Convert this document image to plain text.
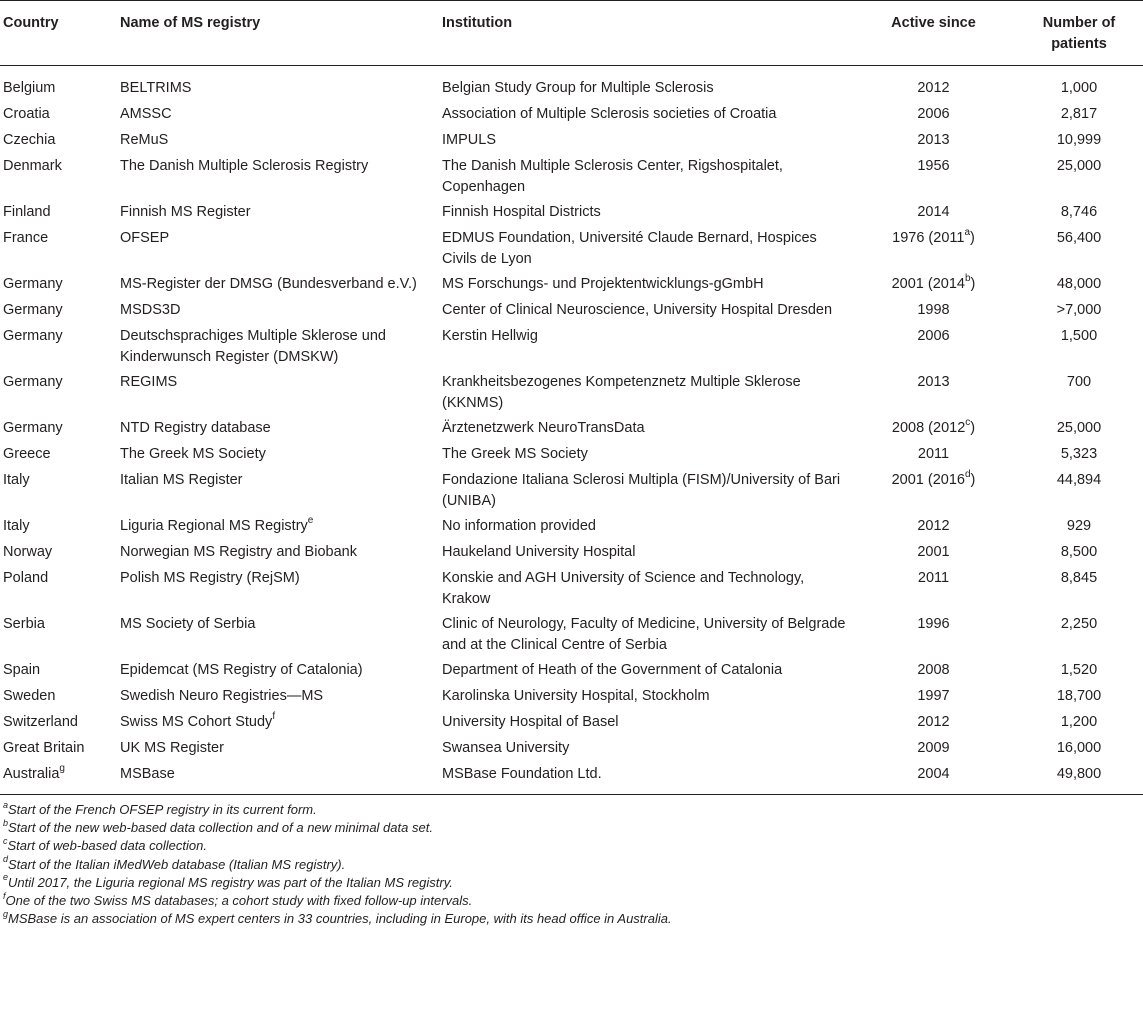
Country	Name of MS registry	Institution	Active since	Number of
patients
Belgium	BELTRIMS	Belgian Study Group for Multiple Sclerosis	2012	1,000
Croatia	AMSSC	Association of Multiple Sclerosis societies of Croatia	2006	2,817
Czechia	ReMuS	IMPULS	2013	10,999
Denmark	The Danish Multiple Sclerosis Registry	The Danish Multiple Sclerosis Center, Rigshospitalet, Copenhagen	1956	25,000
Finland	Finnish MS Register	Finnish Hospital Districts	2014	8,746
France	OFSEP	EDMUS Foundation, Université Claude Bernard, Hospices Civils de Lyon	1976 (2011$^a$)	56,400
Germany	MS-Register der DMSG (Bundesverband e.V.)	MS Forschungs- und Projektentwicklungs-gGmbH	2001 (2014$^b$)	48,000
Germany	MSDS3D	Center of Clinical Neuroscience, University Hospital Dresden	1998	>7,000
Germany	Deutschsprachiges Multiple Sklerose und Kinderwunsch Register (DMSKW)	Kerstin Hellwig	2006	1,500
Germany	REGIMS	Krankheitsbezogenes Kompetenznetz Multiple Sklerose (KKNMS)	2013	700
Germany	NTD Registry database	Ärztenetzwerk NeuroTransData	2008 (2012$^c$)	25,000
Greece	The Greek MS Society	The Greek MS Society	2011	5,323
Italy	Italian MS Register	Fondazione Italiana Sclerosi Multipla (FISM)/University of Bari (UNIBA)	2001 (2016$^d$)	44,894
Italy	Liguria Regional MS Registry$^e$	No information provided	2012	929
Norway	Norwegian MS Registry and Biobank	Haukeland University Hospital	2001	8,500
Poland	Polish MS Registry (RejSM)	Konskie and AGH University of Science and Technology, Krakow	2011	8,845
Serbia	MS Society of Serbia	Clinic of Neurology, Faculty of Medicine, University of Belgrade and at the Clinical Centre of Serbia	1996	2,250
Spain	Epidemcat (MS Registry of Catalonia)	Department of Heath of the Government of Catalonia	2008	1,520
Sweden	Swedish Neuro Registries—MS	Karolinska University Hospital, Stockholm	1997	18,700
Switzerland	Swiss MS Cohort Study$^f$	University Hospital of Basel	2012	1,200
Great Britain	UK MS Register	Swansea University	2009	16,000
Australia$^g$	MSBase	MSBase Foundation Ltd.	2004	49,800
$^a$Start of the French OFSEP registry in its current form.
$^b$Start of the new web-based data collection and of a new minimal data set.
$^c$Start of web-based data collection.
$^d$Start of the Italian iMedWeb database (Italian MS registry).
$^e$Until 2017, the Liguria regional MS registry was part of the Italian MS registry.
$^f$One of the two Swiss MS databases; a cohort study with fixed follow-up intervals.
$^g$MSBase is an association of MS expert centers in 33 countries, including in Europe, with its head office in Australia.
